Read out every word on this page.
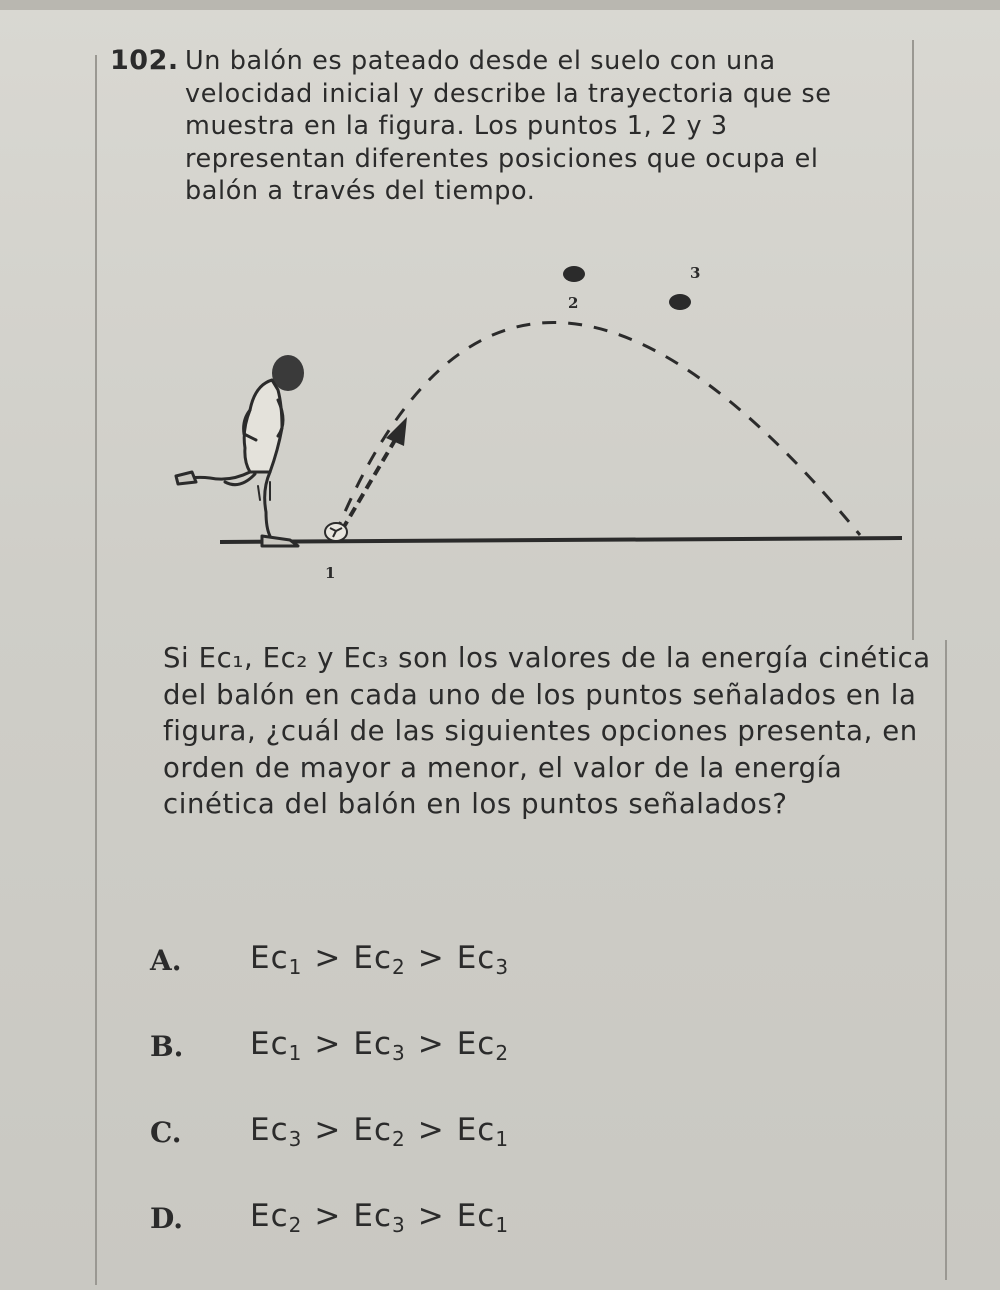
102. Un balón es pateado desde el suelo con una velocidad inicial y describe la trayectoria que se muestra en la figura. Los puntos 1, 2 y 3 representan diferentes posiciones que ocupa el balón a través del tiempo.

2
3
1

Si Ec₁, Ec₂ y Ec₃ son los valores de la energía cinética del balón en cada uno de los puntos señalados en la figura, ¿cuál de las siguientes opciones presenta, en orden de mayor a menor, el valor de la energía cinética del balón en los puntos señalados?

A. Ec1 > Ec2 > Ec3
B. Ec1 > Ec3 > Ec2
C. Ec3 > Ec2 > Ec1
D. Ec2 > Ec3 > Ec1
